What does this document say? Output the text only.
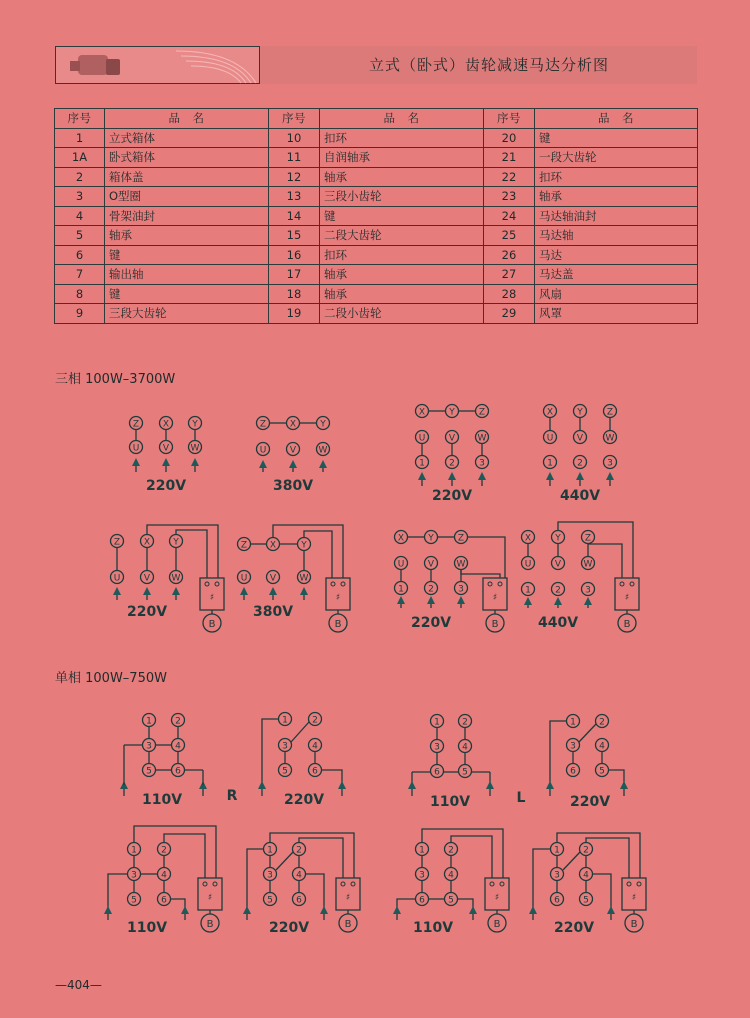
立式（卧式）齿轮减速马达分析图
序号	品　名	序号	品　名	序号	品　名
1	立式箱体	10	扣环	20	键
1A	卧式箱体	11	自润轴承	21	一段大齿轮
2	箱体盖	12	轴承	22	扣环
3	O型圈	13	三段小齿轮	23	轴承
4	骨架油封	14	键	24	马达轴油封
5	轴承	15	二段大齿轮	25	马达轴
6	键	16	扣环	26	马达
7	输出轴	17	轴承	27	马达盖
8	键	18	轴承	28	风扇
9	三段大齿轮	19	二段小齿轮	29	风罩
三相 100W–3700W
单相 100W–750W
Z
U
X
V
Y
W
220V
Z	X	Y
U	V W
380V
X	Y	Z
U
1
V
2
W
3
220V
X
U
1
Y
V
2
Z
W
3
440V
Z
U
X
V
Y
W
♯
B
220V
Z	X	Y
U	V	W
♯
B
380V
X	Y	Z
U
1
V
2
W
3
♯
B
220V
X
U
1
Y
V
2
Z
W
3
♯
B
440V
1
3
5
2
4
6
110V	R
1	2
3	4
5	6
220V
1
3
6
2
4
5
110V	L
1	2
3	4
6	5
220V
1	2
3	4
5	6	♯
B
110V
1	2
3	4
5	6	♯
B
220V
1	2
3	4
6	5	♯
B
110V
1	2
3	4
6	5	♯
B
220V
—404—
